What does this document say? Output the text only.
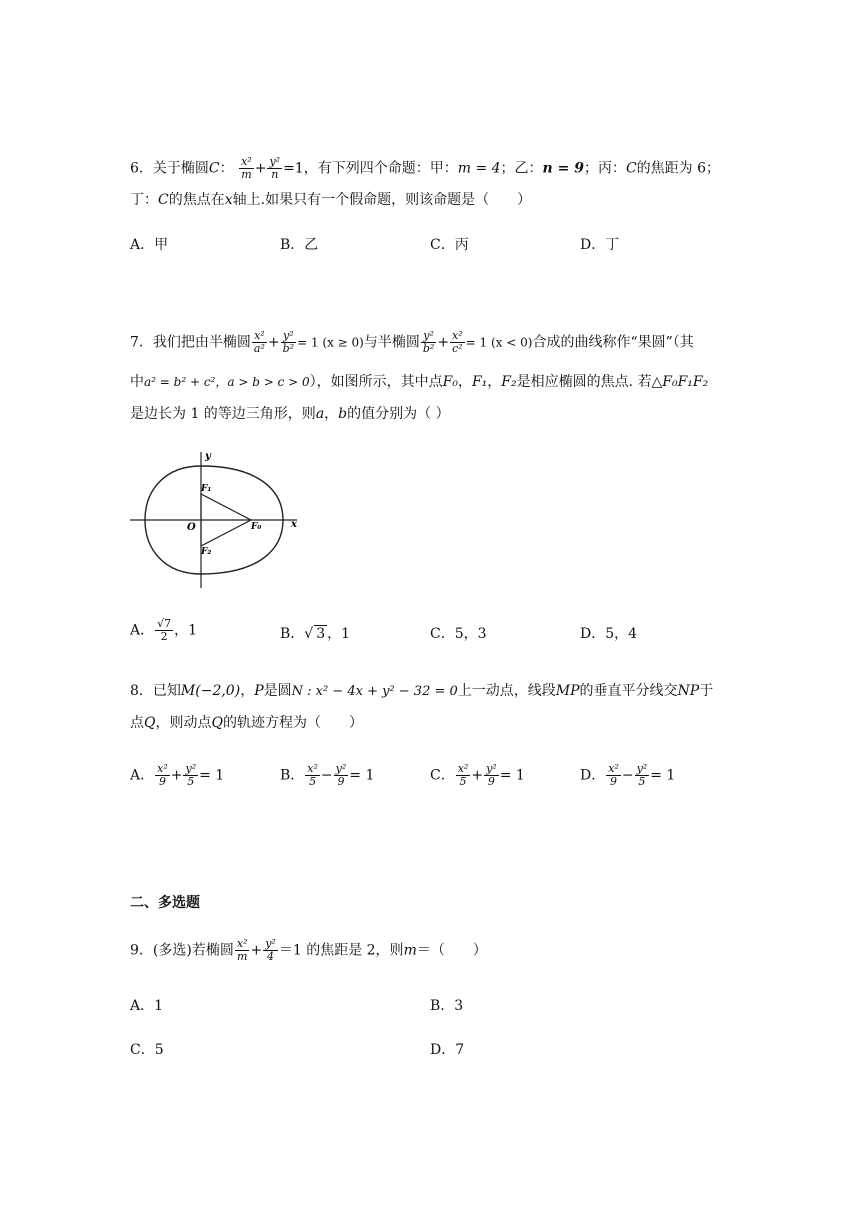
6．关于椭圆C： $\frac{\text{x²}}{m} + \frac{\text{y²}}{n} =1$，有下列四个命题：甲：m = 4；乙：n = 9；丙：C的焦距为 6；
丁：C的焦点在x轴上.如果只有一个假命题，则该命题是（　　）
A．甲	B．乙	C．丙	D．丁
7．我们把由半椭圆 $\frac{\text{x²}}{\text{a²}} + \frac{\text{y²}}{\text{b²}} = 1$ (x ≥ 0)与半椭圆 $\frac{\text{y²}}{\text{b²}} + \frac{\text{x²}}{\text{c²}} = 1$ (x < 0)合成的曲线称作“果圆”（其
中a² = b² + c²，a > b > c > 0），如图所示，其中点F₀，F₁，F₂是相应椭圆的焦点. 若△F₀F₁F₂
是边长为 1 的等边三角形，则a，b的值分别为（ ）
y
x
O
F₁
F₀
F₂
A． $\frac{√7}{2}$ ，1	B．√ 3 ，1	C．5，3	D．5，4
8．已知M(−2,0)，P是圆N : x² − 4x + y² − 32 = 0上一动点，线段MP的垂直平分线交NP于
点Q，则动点Q的轨迹方程为（　　）
A． $\frac{\text{x²}}{9} + \frac{\text{y²}}{5} = 1$	B． $\frac{\text{x²}}{5} - \frac{\text{y²}}{9} = 1$	C． $\frac{\text{x²}}{5} + \frac{\text{y²}}{9} = 1$	D． $\frac{\text{x²}}{9} - \frac{\text{y²}}{5} = 1$
二、多选题
9．(多选)若椭圆 $\frac{\text{x²}}{m} + \frac{\text{y²}}{4} =1$ 的焦距是 2，则m＝（　　）
A．1	B．3
C．5	D．7
